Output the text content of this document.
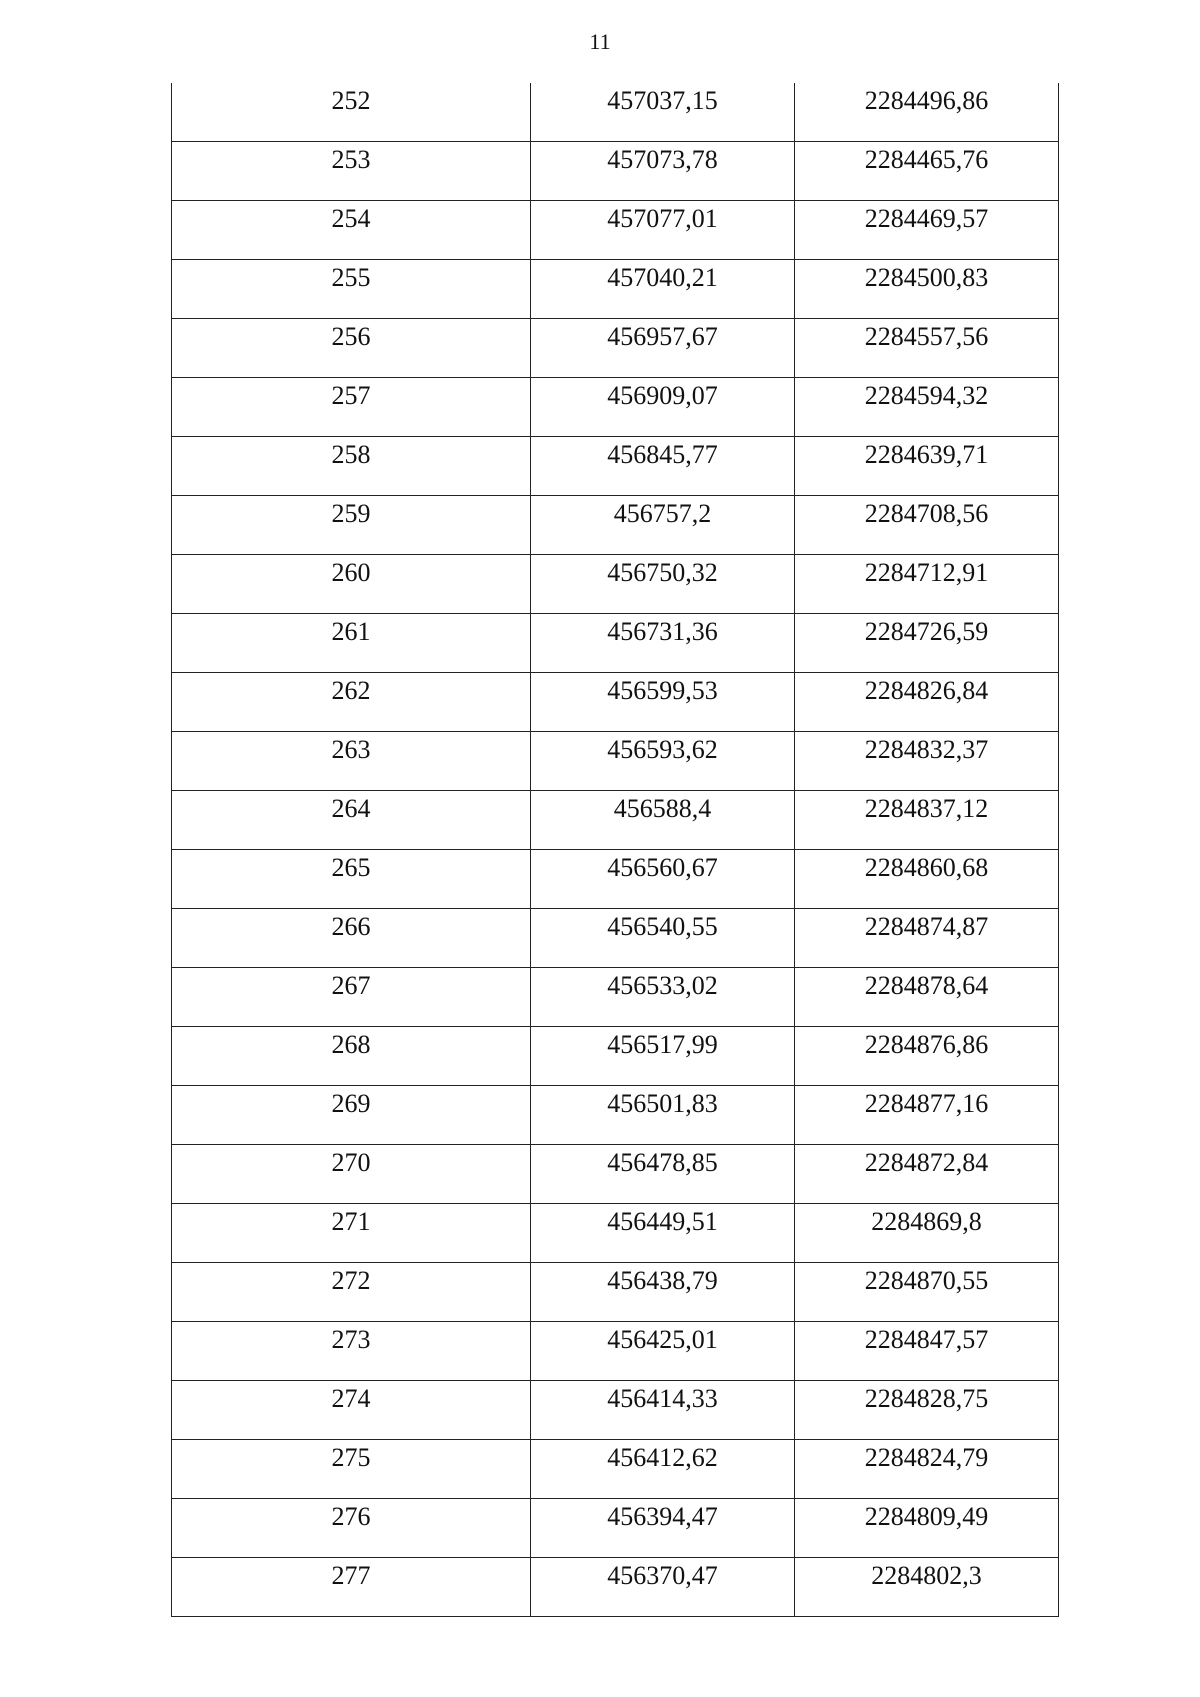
11
252	457037,15	2284496,86
253	457073,78	2284465,76
254	457077,01	2284469,57
255	457040,21	2284500,83
256	456957,67	2284557,56
257	456909,07	2284594,32
258	456845,77	2284639,71
259	456757,2	2284708,56
260	456750,32	2284712,91
261	456731,36	2284726,59
262	456599,53	2284826,84
263	456593,62	2284832,37
264	456588,4	2284837,12
265	456560,67	2284860,68
266	456540,55	2284874,87
267	456533,02	2284878,64
268	456517,99	2284876,86
269	456501,83	2284877,16
270	456478,85	2284872,84
271	456449,51	2284869,8
272	456438,79	2284870,55
273	456425,01	2284847,57
274	456414,33	2284828,75
275	456412,62	2284824,79
276	456394,47	2284809,49
277	456370,47	2284802,3
